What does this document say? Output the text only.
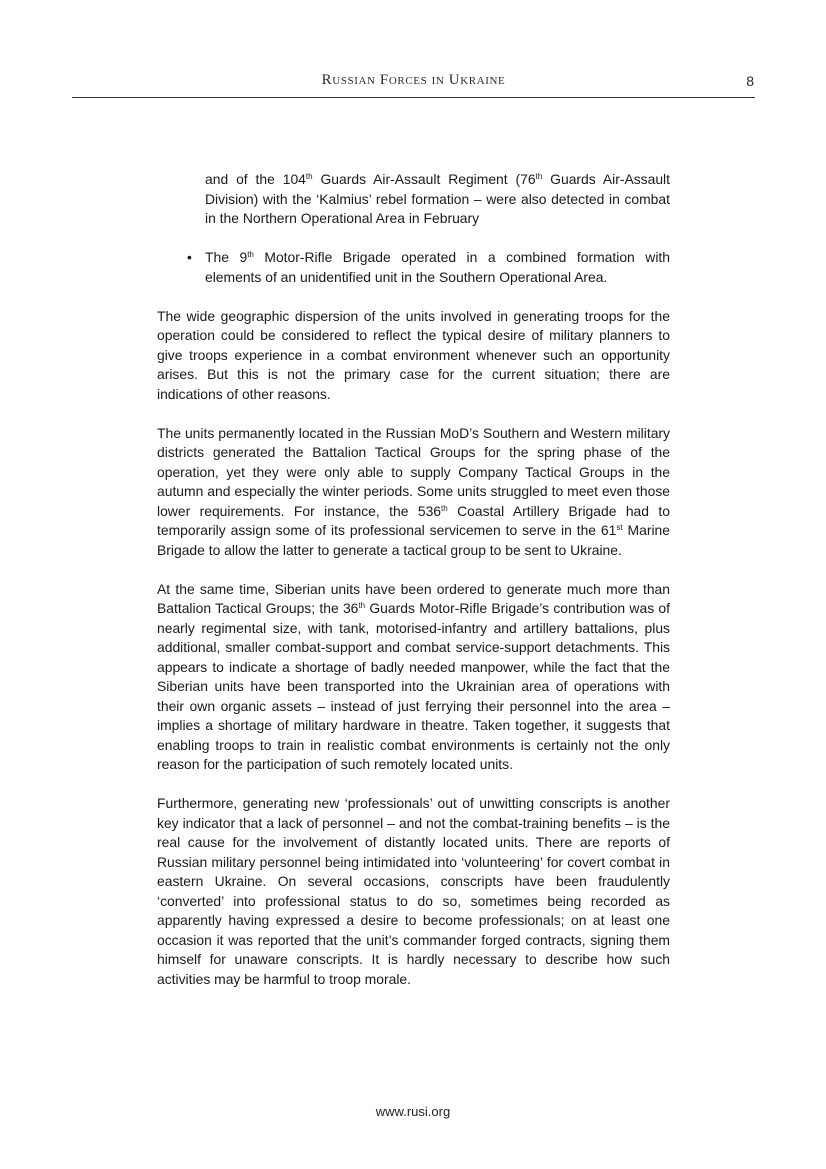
Russian Forces in Ukraine	8

and of the 104th Guards Air-Assault Regiment (76th Guards Air-Assault Division) with the ‘Kalmius’ rebel formation – were also detected in combat in the Northern Operational Area in February

• The 9th Motor-Rifle Brigade operated in a combined formation with elements of an unidentified unit in the Southern Operational Area.

The wide geographic dispersion of the units involved in generating troops for the operation could be considered to reflect the typical desire of military planners to give troops experience in a combat environment whenever such an opportunity arises. But this is not the primary case for the current situation; there are indications of other reasons.

The units permanently located in the Russian MoD’s Southern and Western military districts generated the Battalion Tactical Groups for the spring phase of the operation, yet they were only able to supply Company Tactical Groups in the autumn and especially the winter periods. Some units struggled to meet even those lower requirements. For instance, the 536th Coastal Artillery Brigade had to temporarily assign some of its professional servicemen to serve in the 61st Marine Brigade to allow the latter to generate a tactical group to be sent to Ukraine.

At the same time, Siberian units have been ordered to generate much more than Battalion Tactical Groups; the 36th Guards Motor-Rifle Brigade’s contribution was of nearly regimental size, with tank, motorised-infantry and artillery battalions, plus additional, smaller combat-support and combat service-support detachments. This appears to indicate a shortage of badly needed manpower, while the fact that the Siberian units have been transported into the Ukrainian area of operations with their own organic assets – instead of just ferrying their personnel into the area – implies a shortage of military hardware in theatre. Taken together, it suggests that enabling troops to train in realistic combat environments is certainly not the only reason for the participation of such remotely located units.

Furthermore, generating new ‘professionals’ out of unwitting conscripts is another key indicator that a lack of personnel – and not the combat-training benefits – is the real cause for the involvement of distantly located units. There are reports of Russian military personnel being intimidated into ‘volunteering’ for covert combat in eastern Ukraine. On several occasions, conscripts have been fraudulently ‘converted’ into professional status to do so, sometimes being recorded as apparently having expressed a desire to become professionals; on at least one occasion it was reported that the unit’s commander forged contracts, signing them himself for unaware conscripts. It is hardly necessary to describe how such activities may be harmful to troop morale.

www.rusi.org
